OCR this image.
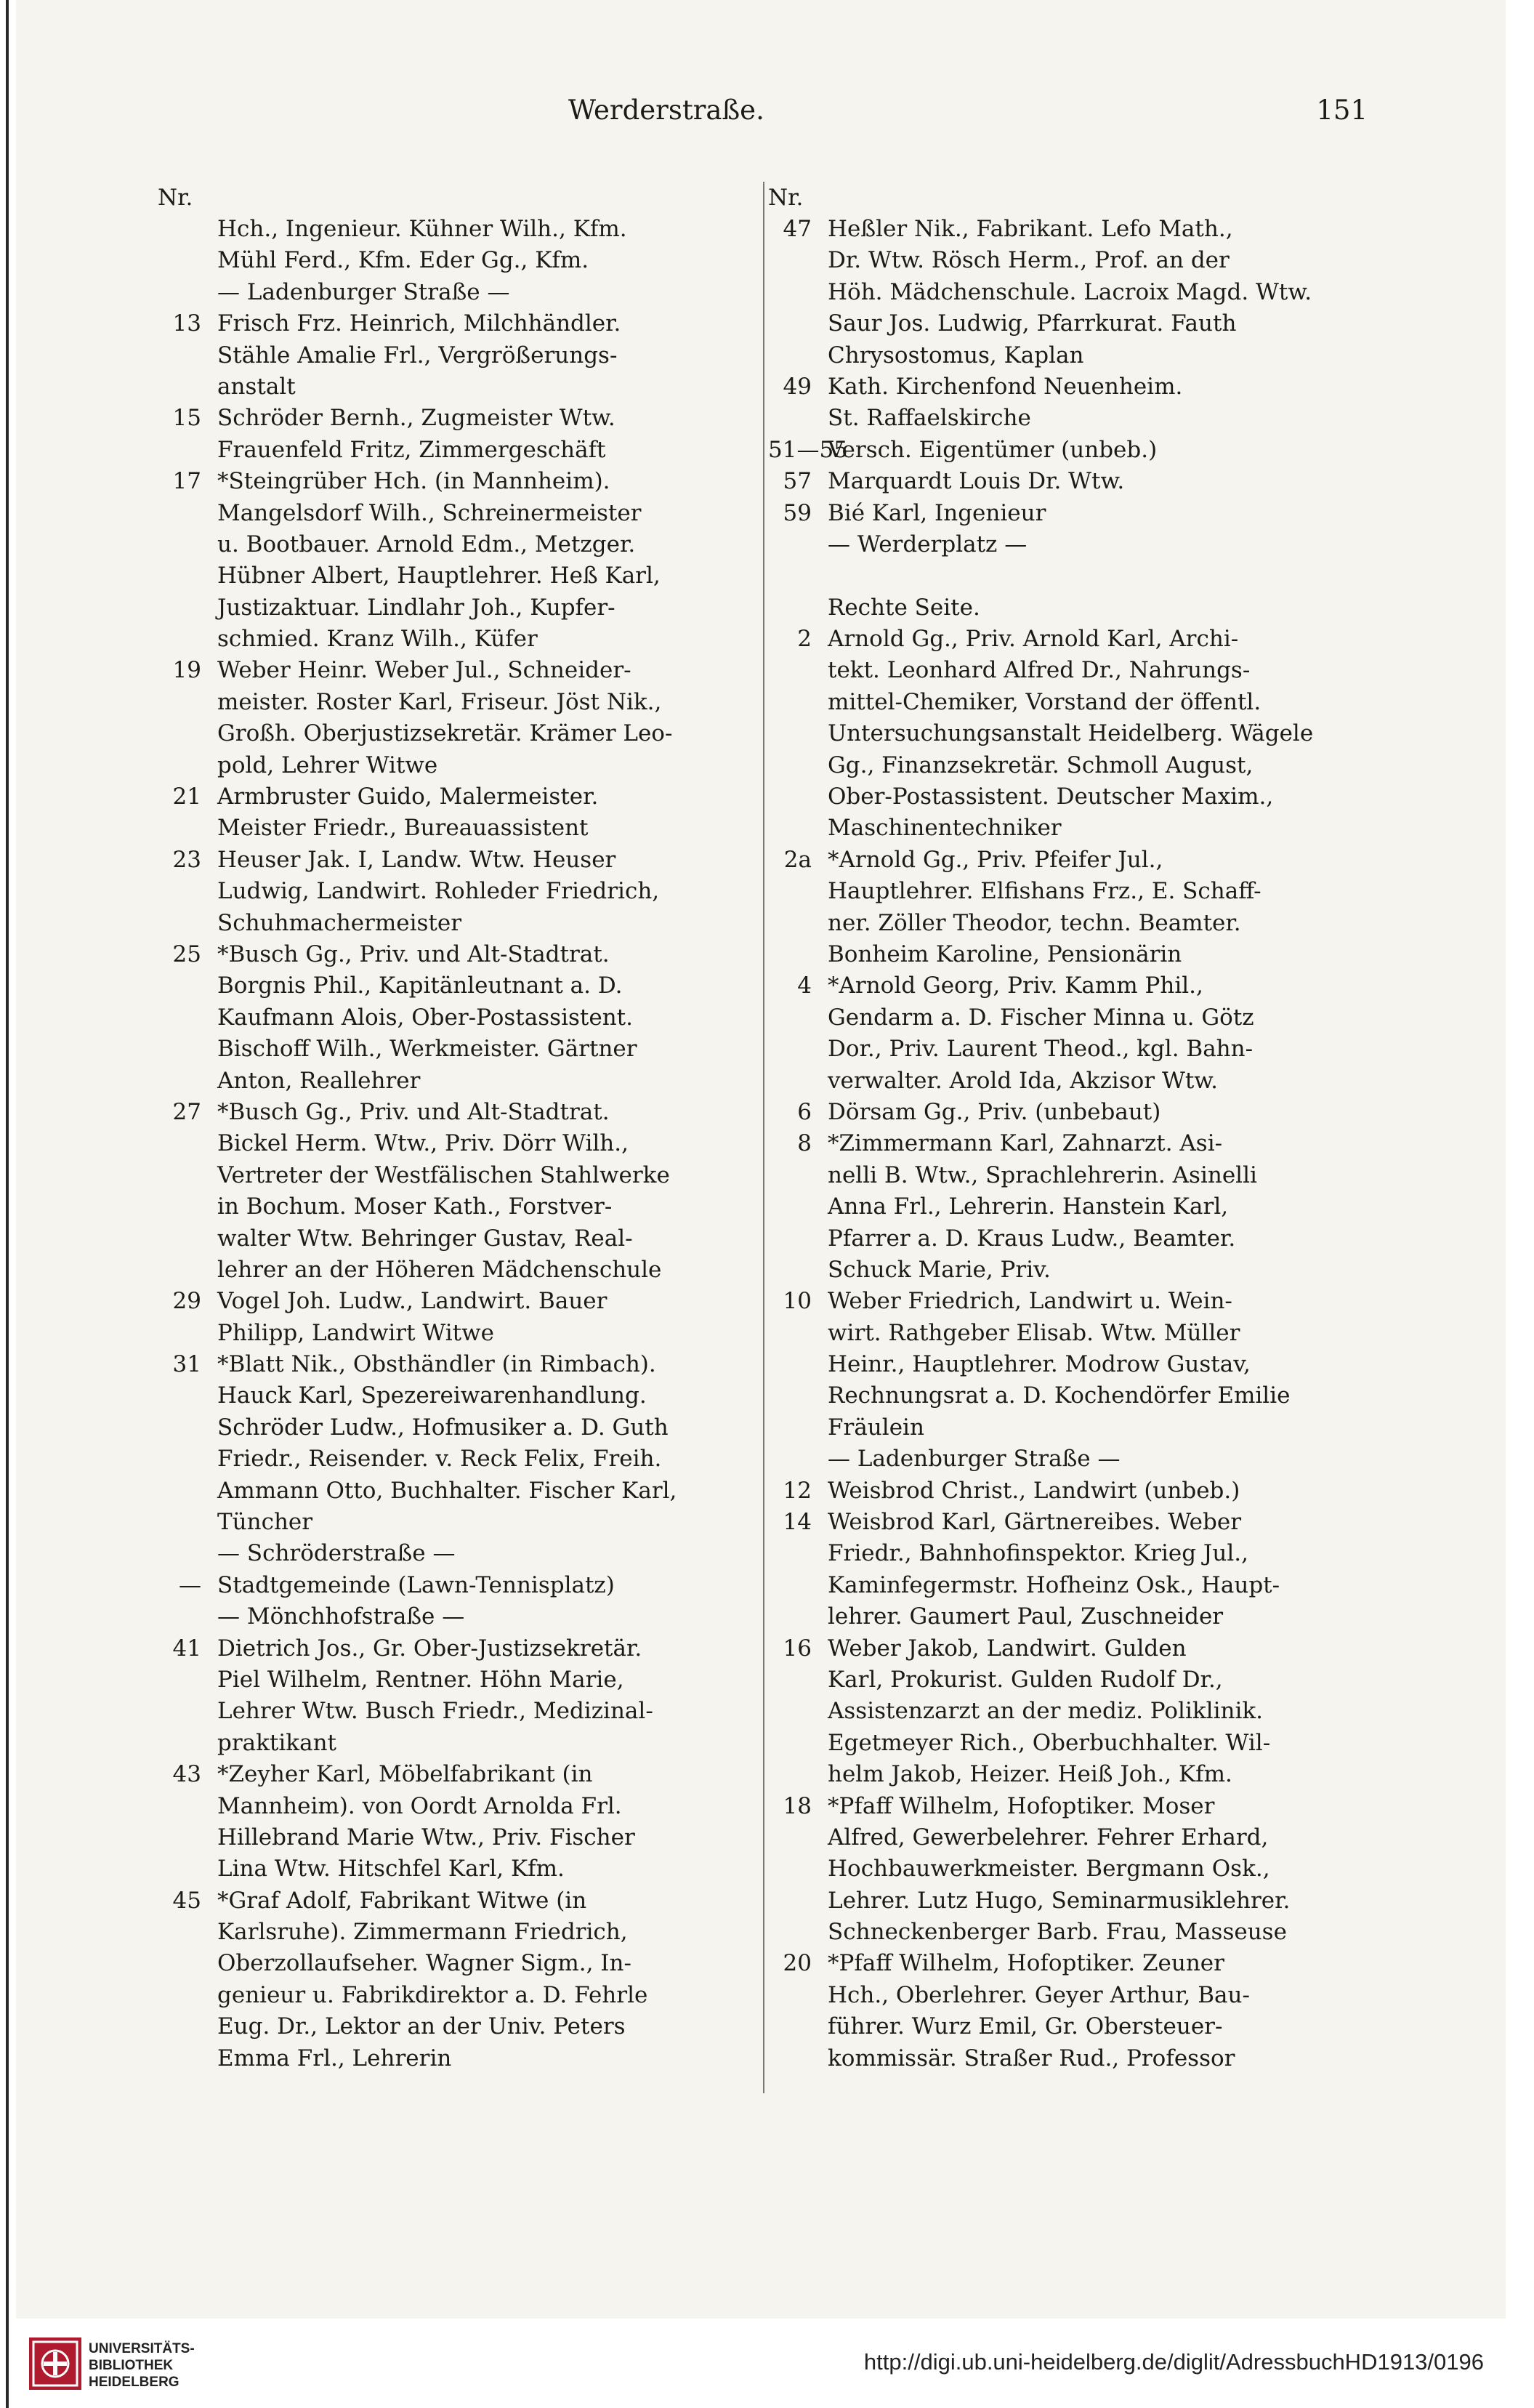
Werderstraße.	151
Nr.
Hch., Ingenieur. Kühner Wilh., Kfm.
Mühl Ferd., Kfm. Eder Gg., Kfm.
— Ladenburger Straße —
13 Frisch Frz. Heinrich, Milchhändler.
Stähle Amalie Frl., Vergrößerungs-
anstalt
15 Schröder Bernh., Zugmeister Wtw.
Frauenfeld Fritz, Zimmergeschäft
17 *Steingrüber Hch. (in Mannheim).
Mangelsdorf Wilh., Schreinermeister
u. Bootbauer. Arnold Edm., Metzger.
Hübner Albert, Hauptlehrer. Heß Karl,
Justizaktuar. Lindlahr Joh., Kupfer-
schmied. Kranz Wilh., Küfer
19 Weber Heinr. Weber Jul., Schneider-
meister. Roster Karl, Friseur. Jöst Nik.,
Großh. Oberjustizsekretär. Krämer Leo-
pold, Lehrer Witwe
21 Armbruster Guido, Malermeister.
Meister Friedr., Bureauassistent
23 Heuser Jak. I, Landw. Wtw. Heuser
Ludwig, Landwirt. Rohleder Friedrich,
Schuhmachermeister
25 *Busch Gg., Priv. und Alt-Stadtrat.
Borgnis Phil., Kapitänleutnant a. D.
Kaufmann Alois, Ober-Postassistent.
Bischoff Wilh., Werkmeister. Gärtner
Anton, Reallehrer
27 *Busch Gg., Priv. und Alt-Stadtrat.
Bickel Herm. Wtw., Priv. Dörr Wilh.,
Vertreter der Westfälischen Stahlwerke
in Bochum. Moser Kath., Forstver-
walter Wtw. Behringer Gustav, Real-
lehrer an der Höheren Mädchenschule
29 Vogel Joh. Ludw., Landwirt. Bauer
Philipp, Landwirt Witwe
31 *Blatt Nik., Obsthändler (in Rimbach).
Hauck Karl, Spezereiwarenhandlung.
Schröder Ludw., Hofmusiker a. D. Guth
Friedr., Reisender. v. Reck Felix, Freih.
Ammann Otto, Buchhalter. Fischer Karl,
Tüncher
— Schröderstraße —
— Stadtgemeinde (Lawn-Tennisplatz)
— Mönchhofstraße —
41 Dietrich Jos., Gr. Ober-Justizsekretär.
Piel Wilhelm, Rentner. Höhn Marie,
Lehrer Wtw. Busch Friedr., Medizinal-
praktikant
43 *Zeyher Karl, Möbelfabrikant (in
Mannheim). von Oordt Arnolda Frl.
Hillebrand Marie Wtw., Priv. Fischer
Lina Wtw. Hitschfel Karl, Kfm.
45 *Graf Adolf, Fabrikant Witwe (in
Karlsruhe). Zimmermann Friedrich,
Oberzollaufseher. Wagner Sigm., In-
genieur u. Fabrikdirektor a. D. Fehrle
Eug. Dr., Lektor an der Univ. Peters
Emma Frl., Lehrerin
Nr.
47 Heßler Nik., Fabrikant. Lefo Math.,
Dr. Wtw. Rösch Herm., Prof. an der
Höh. Mädchenschule. Lacroix Magd. Wtw.
Saur Jos. Ludwig, Pfarrkurat. Fauth
Chrysostomus, Kaplan
49 Kath. Kirchenfond Neuenheim.
St. Raffaelskirche
51—55
Versch. Eigentümer (unbeb.)
57 Marquardt Louis Dr. Wtw.
59 Bié Karl, Ingenieur
— Werderplatz —
Rechte Seite.
2 Arnold Gg., Priv. Arnold Karl, Archi-
tekt. Leonhard Alfred Dr., Nahrungs-
mittel-Chemiker, Vorstand der öffentl.
Untersuchungsanstalt Heidelberg. Wägele
Gg., Finanzsekretär. Schmoll August,
Ober-Postassistent. Deutscher Maxim.,
Maschinentechniker
2a *Arnold Gg., Priv. Pfeifer Jul.,
Hauptlehrer. Elfishans Frz., E. Schaff-
ner. Zöller Theodor, techn. Beamter.
Bonheim Karoline, Pensionärin
4 *Arnold Georg, Priv. Kamm Phil.,
Gendarm a. D. Fischer Minna u. Götz
Dor., Priv. Laurent Theod., kgl. Bahn-
verwalter. Arold Ida, Akzisor Wtw.
6 Dörsam Gg., Priv. (unbebaut)
8 *Zimmermann Karl, Zahnarzt. Asi-
nelli B. Wtw., Sprachlehrerin. Asinelli
Anna Frl., Lehrerin. Hanstein Karl,
Pfarrer a. D. Kraus Ludw., Beamter.
Schuck Marie, Priv.
10 Weber Friedrich, Landwirt u. Wein-
wirt. Rathgeber Elisab. Wtw. Müller
Heinr., Hauptlehrer. Modrow Gustav,
Rechnungsrat a. D. Kochendörfer Emilie
Fräulein
— Ladenburger Straße —
12 Weisbrod Christ., Landwirt (unbeb.)
14 Weisbrod Karl, Gärtnereibes. Weber
Friedr., Bahnhofinspektor. Krieg Jul.,
Kaminfegermstr. Hofheinz Osk., Haupt-
lehrer. Gaumert Paul, Zuschneider
16 Weber Jakob, Landwirt. Gulden
Karl, Prokurist. Gulden Rudolf Dr.,
Assistenzarzt an der mediz. Poliklinik.
Egetmeyer Rich., Oberbuchhalter. Wil-
helm Jakob, Heizer. Heiß Joh., Kfm.
18 *Pfaff Wilhelm, Hofoptiker. Moser
Alfred, Gewerbelehrer. Fehrer Erhard,
Hochbauwerkmeister. Bergmann Osk.,
Lehrer. Lutz Hugo, Seminarmusiklehrer.
Schneckenberger Barb. Frau, Masseuse
20 *Pfaff Wilhelm, Hofoptiker. Zeuner
Hch., Oberlehrer. Geyer Arthur, Bau-
führer. Wurz Emil, Gr. Obersteuer-
kommissär. Straßer Rud., Professor
UNIVERSITÄTS-
BIBLIOTHEK
HEIDELBERG
http://digi.ub.uni-heidelberg.de/diglit/AdressbuchHD1913/0196
